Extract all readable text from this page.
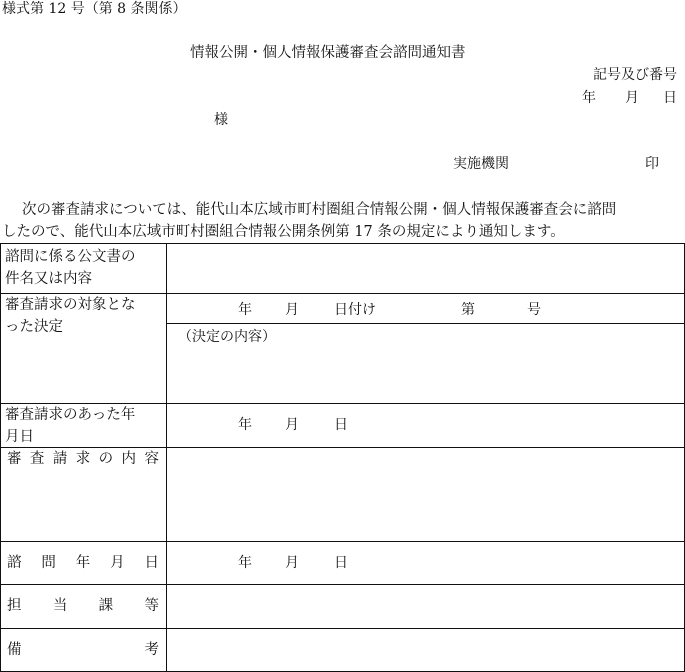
様式第 12 号（第 8 条関係）
情報公開・個人情報保護審査会諮問通知書
記号及び番号
年 月 日
様
実施機関	印
次の審査請求については、能代山本広域市町村圏組合情報公開・個人情報保護審査会に諮問
したので、能代山本広域市町村圏組合情報公開条例第 17 条の規定により通知します。
諮問に係る公文書の
件名又は内容
審査請求の対象とな
った決定
年 月	日付け	第	号
（決定の内容）
審査請求のあった年
月日
年 月	日
審 査 請 求 の 内 容
諮 問 年 月 日	年 月	日
担 当 課 等
備	考
